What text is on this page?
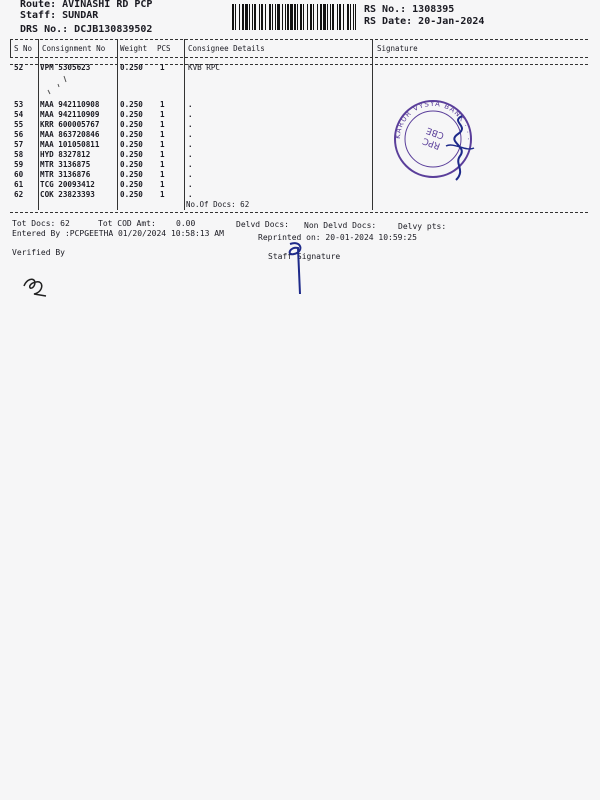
Route: AVINASHI RD PCP
Staff: SUNDAR
DRS No.: DCJB130839502
RS No.: 1308395
RS Date: 20-Jan-2024
S No Consignment No Weight PCS Consignee Details	Signature
52 VPM 5305623	0.250 1	KVB RPC
53 MAA 942110908	0.250 1	.
54 MAA 942110909	0.250 1	.
55 KRR 600005767	0.250 1	.
56 MAA 863720846	0.250 1	.
57 MAA 101050811	0.250 1	.
58 HYD 8327812	0.250 1	.
59 MTR 3136875	0.250 1	.
60 MTR 3136876	0.250 1	.
61 TCG 20093412	0.250 1	.
62 COK 23823393	0.250 1	.
No.Of Docs: 62
Tot Docs: 62	Tot COD Amt:	0.00	Delvd Docs: Non Delvd Docs:	Delvy pts:
Entered By :PCPGEETHA 01/20/2024 10:58:13 AM	Reprinted on: 20-01-2024 10:59:25
Verified By	Staff Signature
KARUR VYSYA BANK · · ·
RPC
CBE
